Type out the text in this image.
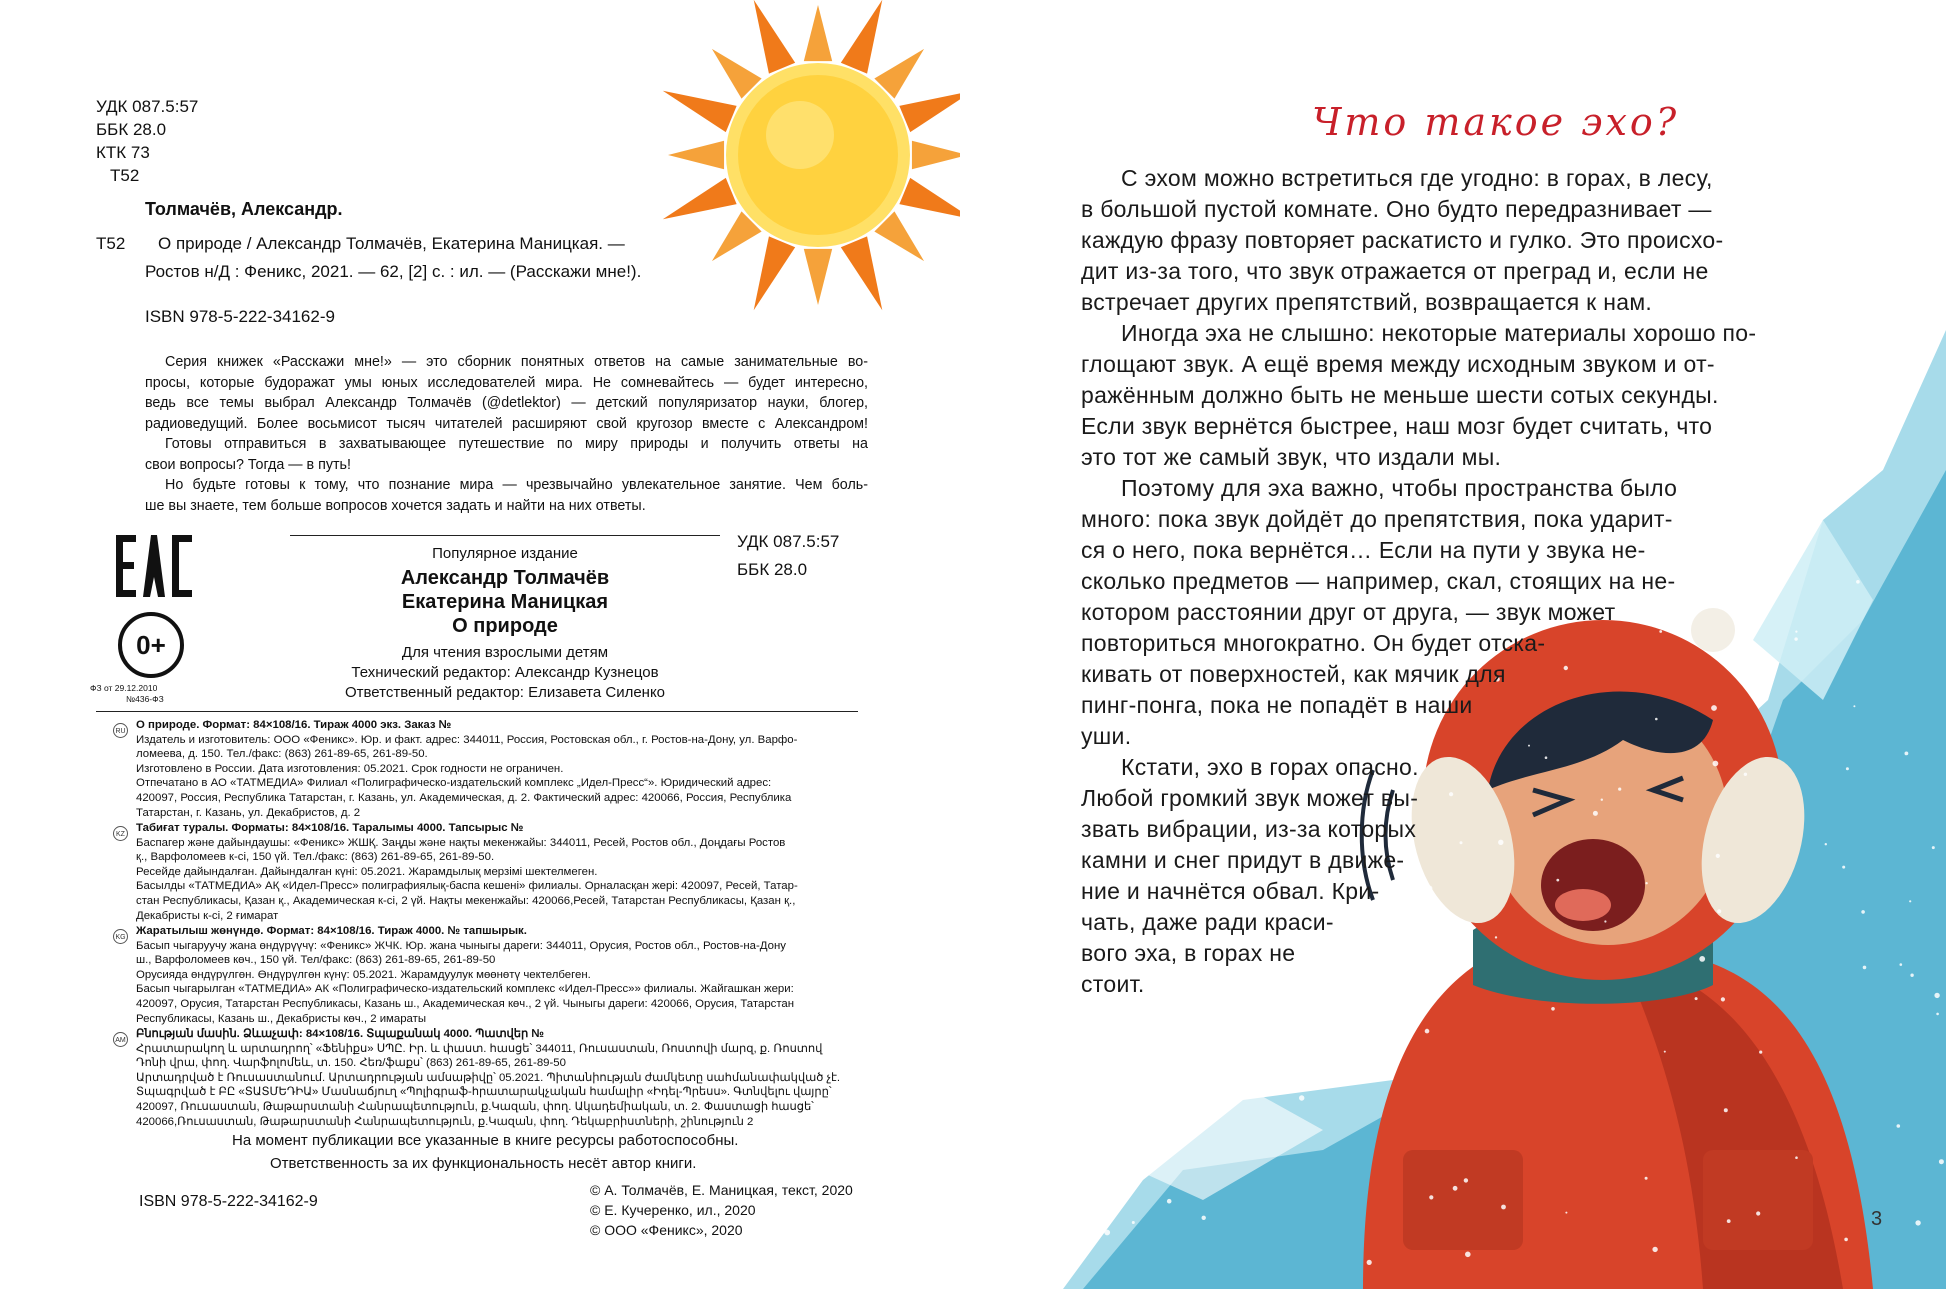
УДК 087.5:57
ББК 28.0
КТК 73
Т52
Толмачёв, Александр.
Т52 О природе / Александр Толмачёв, Екатерина Маницкая. —
Ростов н/Д : Феникс, 2021. — 62, [2] с. : ил. — (Расскажи мне!).
ISBN 978-5-222-34162-9

Серия книжек «Расскажи мне!» — это сборник понятных ответов на самые занимательные во-

просы, которые будоражат умы юных исследователей мира. Не сомневайтесь — будет интересно,

ведь все темы выбрал Александр Толмачёв (@detlektor) — детский популяризатор науки, блогер,

радиоведущий. Более восьмисот тысяч читателей расширяют свой кругозор вместе с Александром!

Готовы отправиться в захватывающее путешествие по миру природы и получить ответы на

свои вопросы? Тогда — в путь!

Но будьте готовы к тому, что познание мира — чрезвычайно увлекательное занятие. Чем боль-

ше вы знаете, тем больше вопросов хочется задать и найти на них ответы.

0+
ФЗ от 29.12.2010
№436-ФЗ
Популярное издание
Александр Толмачёв
Екатерина Маницкая
О природе
Для чтения взрослыми детям
Технический редактор: Александр Кузнецов
Ответственный редактор: Елизавета Силенко
УДК 087.5:57
ББК 28.0
RU
О природе. Формат: 84×108/16. Тираж 4000 экз. Заказ №
Издатель и изготовитель: ООО «Феникс». Юр. и факт. адрес: 344011, Россия, Ростовская обл., г. Ростов-на-Дону, ул. Варфо-
ломеева, д. 150. Тел./факс: (863) 261-89-65, 261-89-50.
Изготовлено в России. Дата изготовления: 05.2021. Срок годности не ограничен.
Отпечатано в АО «ТАТМЕДИА» Филиал «Полиграфическо-издательский комплекс „Идел-Пресс“». Юридический адрес:
420097, Россия, Республика Татарстан, г. Казань, ул. Академическая, д. 2. Фактический адрес: 420066, Россия, Республика
Татарстан, г. Казань, ул. Декабристов, д. 2
KZ
Табиғат туралы. Форматы: 84×108/16. Таралымы 4000. Тапсырыс №
Баспагер және дайындаушы: «Феникс» ЖШҚ. Заңды және нақты мекенжайы: 344011, Ресей, Ростов обл., Доңдағы Ростов
қ., Варфоломеев к-сі, 150 үй. Тел./факс: (863) 261-89-65, 261-89-50.
Ресейде дайындалған. Дайындалған күні: 05.2021. Жарамдылық мерзімі шектелмеген.
Басылды «ТАТМЕДИА» АҚ «Идел-Пресс» полиграфиялық-баспа кешені» филиалы. Орналасқан жері: 420097, Ресей, Татар-
стан Республикасы, Қазан қ., Академическая к-сі, 2 үй. Нақты мекенжайы: 420066,Ресей, Татарстан Республикасы, Қазан қ.,
Декабристы к-сі, 2 ғимарат
KG
Жаратылыш жөнүндө. Формат: 84×108/16. Тираж 4000. № тапшырык.
Басып чыгаруучу жана өндүрүүчү: «Феникс» ЖЧК. Юр. жана чыныгы дареги: 344011, Орусия, Ростов обл., Ростов-на-Дону
ш., Варфоломеев көч., 150 үй. Тел/факс: (863) 261-89-65, 261-89-50
Орусияда өндүрүлгөн. Өндүрүлгөн күнү: 05.2021. Жарамдуулук мөөнөтү чектелбеген.
Басып чыгарылган «ТАТМЕДИА» АК «Полиграфическо-издательский комплекс «Идел-Пресс»» филиалы. Жайгашкан жери:
420097, Орусия, Татарстан Республикасы, Казань ш., Академическая көч., 2 үй. Чыныгы дареги: 420066, Орусия, Татарстан
Республикасы, Казань ш., Декабристы көч., 2 имараты
AM
Բնության մասին. Ձևաչափ: 84×108/16. Տպաքանակ 4000. Պատվեր №
Հրատարակող և արտադրող՝ «Ֆենիքս» ՍՊԸ. Իր. և փաստ. հասցե՝ 344011, Ռուսաստան, Ռոստովի մարզ, ք. Ռոստով
Դոնի վրա, փող. Վարֆոլոմեև, տ. 150. Հեռ/ֆաքս՝ (863) 261-89-65, 261-89-50
Արտադրված է Ռուսաստանում. Արտադրության ամսաթիվը՝ 05.2021. Պիտանիության ժամկետը սահմանափակված չէ.
Տպագրված է ԲԸ «ՏԱՏՄԵԴԻԱ» Մասնաճյուղ «Պոլիգրաֆ-հրատարակչական համալիր «Իդել-Պրեսս». Գտնվելու վայրը՝
420097, Ռուսաստան, Թաթարստանի Հանրապետություն, ք.Կազան, փող. Ակադեմիական, տ. 2. Փաստացի հասցե՝
420066,Ռուսաստան, Թաթարստանի Հանրապետություն, ք.Կազան, փող. Դեկաբրիստների, շինություն 2
На момент публикации все указанные в книге ресурсы работоспособны.
Ответственность за их функциональность несёт автор книги.
ISBN 978-5-222-34162-9
© А. Толмачёв, Е. Маницкая, текст, 2020
© Е. Кучеренко, ил., 2020
© ООО «Феникс», 2020
Что такое эхо?
С эхом можно встретиться где угодно: в горах, в лесу,
в большой пустой комнате. Оно будто передразнивает —
каждую фразу повторяет раскатисто и гулко. Это происхо-
дит из-за того, что звук отражается от преград и, если не
встречает других препятствий, возвращается к нам.
Иногда эха не слышно: некоторые материалы хорошо по-
глощают звук. А ещё время между исходным звуком и от-
ражённым должно быть не меньше шести сотых секунды.
Если звук вернётся быстрее, наш мозг будет считать, что
это тот же самый звук, что издали мы.
Поэтому для эха важно, чтобы пространства было
много: пока звук дойдёт до препятствия, пока ударит-
ся о него, пока вернётся… Если на пути у звука не-
сколько предметов — например, скал, стоящих на не-
котором расстоянии друг от друга, — звук может
повториться многократно. Он будет отска-
кивать от поверхностей, как мячик для
пинг-понга, пока не попадёт в наши
уши.
Кстати, эхо в горах опасно.
Любой громкий звук может вы-
звать вибрации, из-за которых
камни и снег придут в движе-
ние и начнётся обвал. Кри-
чать, даже ради краси-
вого эха, в горах не
стоит.
3
